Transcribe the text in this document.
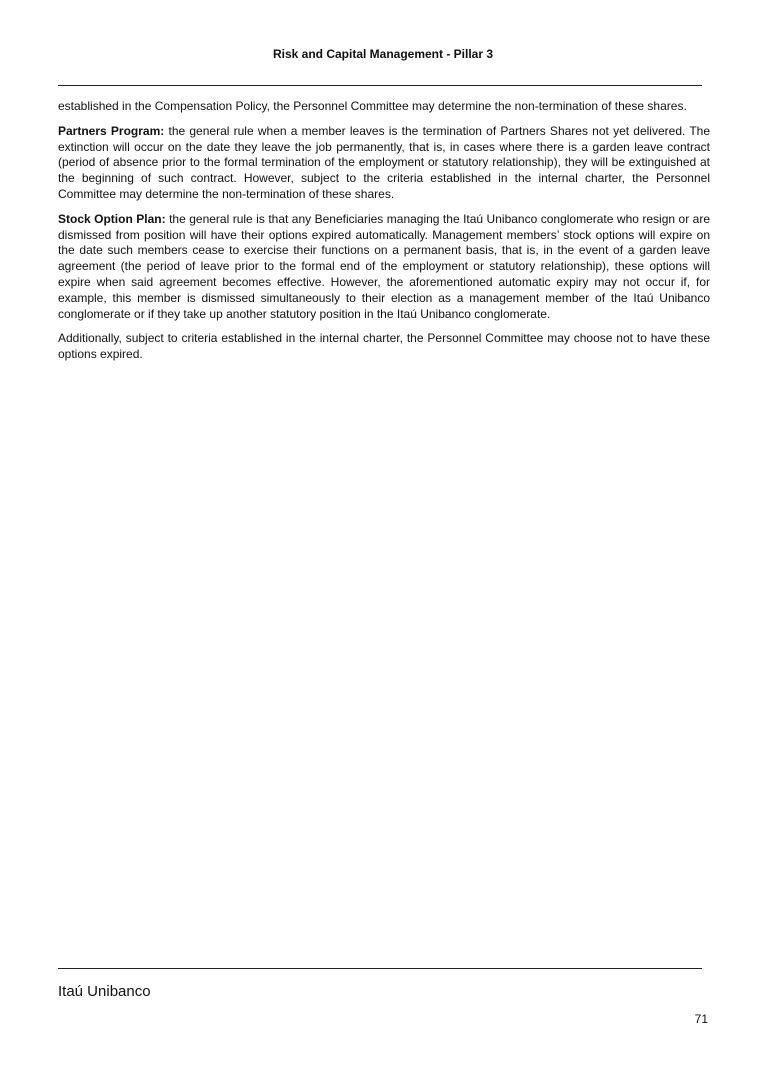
Risk and Capital Management - Pillar 3

established in the Compensation Policy, the Personnel Committee may determine the non-termination of these shares.

Partners Program: the general rule when a member leaves is the termination of Partners Shares not yet delivered. The extinction will occur on the date they leave the job permanently, that is, in cases where there is a garden leave contract (period of absence prior to the formal termination of the employment or statutory relationship), they will be extinguished at the beginning of such contract. However, subject to the criteria established in the internal charter, the Personnel Committee may determine the non-termination of these shares.

Stock Option Plan: the general rule is that any Beneficiaries managing the Itaú Unibanco conglomerate who resign or are dismissed from position will have their options expired automatically. Management members’ stock options will expire on the date such members cease to exercise their functions on a permanent basis, that is, in the event of a garden leave agreement (the period of leave prior to the formal end of the employment or statutory relationship), these options will expire when said agreement becomes effective. However, the aforementioned automatic expiry may not occur if, for example, this member is dismissed simultaneously to their election as a management member of the Itaú Unibanco conglomerate or if they take up another statutory position in the Itaú Unibanco conglomerate.

Additionally, subject to criteria established in the internal charter, the Personnel Committee may choose not to have these options expired.

Itaú Unibanco
71
